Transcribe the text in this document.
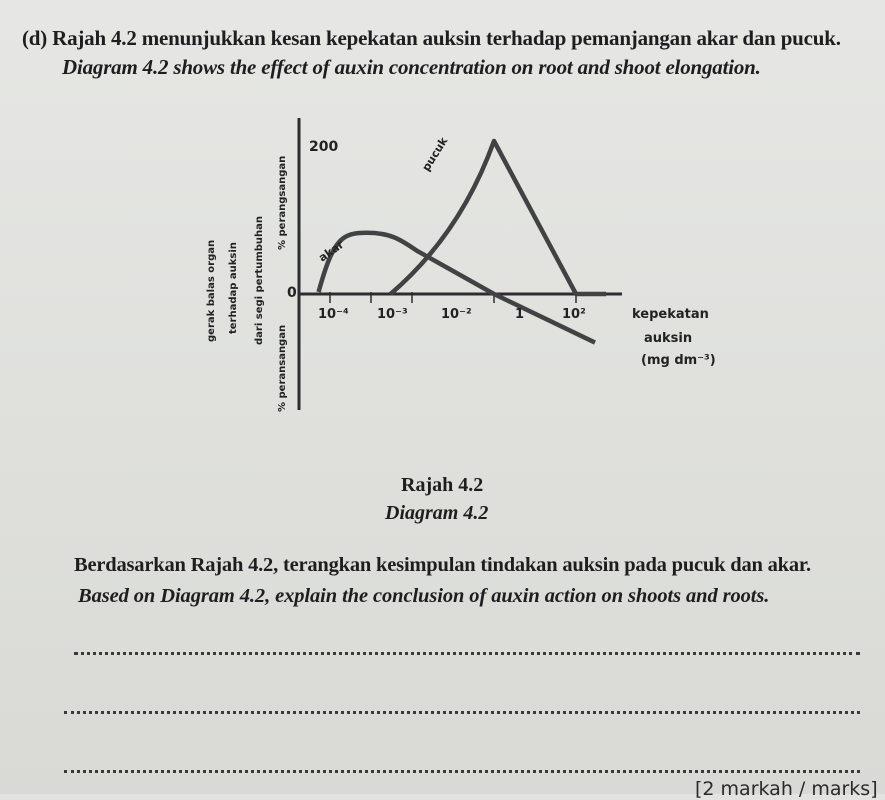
(d) Rajah 4.2 menunjukkan kesan kepekatan auksin terhadap pemanjangan akar dan pucuk.
Diagram 4.2 shows the effect of auxin concentration on root and shoot elongation.
200
0
10⁻⁴ 10⁻³	10⁻²	1	10²	kepekatan
auksin
(mg dm⁻³)
pucuk
akar
% peransangan
% perangsangan
gerak balas organ terhadap auksin dari segi pertumbuhan
Rajah 4.2
Diagram 4.2
Berdasarkan Rajah 4.2, terangkan kesimpulan tindakan auksin pada pucuk dan akar.
Based on Diagram 4.2, explain the conclusion of auxin action on shoots and roots.
[2 markah / marks]
